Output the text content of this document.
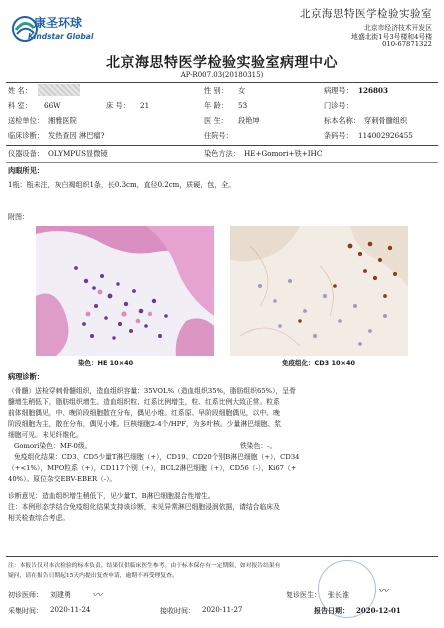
康圣环球
Kindstar Global
北京海思特医学检验实验室
北京市经济技术开发区
地盛北街1号3号楼和4号楼
010-67871322
北京海思特医学检验实验室病理中心
AP-R007.03(20180315)
姓 名：	性 别： 女	病理号： 126803
科 室： 66W	床 号： 21	年 龄： 53	门诊号：
送检单位： 湘雅医院	医 生： 段艳坤	标本名称： 穿刺骨髓组织
临床诊断： 发热查因 淋巴瘤?	住院号：	条码号： 114002926455
仪器设备： OLYMPUS显微镜	染色方法： HE+Gomori+铁+IHC
肉眼所见：
1瓶：瓶未注，灰白褐组织1条，长0.3cm，直径0.2cm，质硬，包，全。
附图：
染色：HE 10×40	免疫组化：CD3 10×40
病理诊断：

（骨髓）送检穿刺骨髓组织，造血组织容量：35VOL%（造血组织35%，脂肪组织65%），呈骨

髓增生稍低下，脂肪组织增生。造血组织粒、红系比例增生，粒、红系比例大致正常。粒系

前体细胞偶见，中、晚阶段细胞散在分布，偶见小堆。红系原、早阶段细胞偶见，以中、晚

阶段细胞为主，散在分布，偶见小堆。巨核细胞2-4个/HPF，为多叶核。少量淋巴细胞、浆

细胞可见。未见纤维化。

Gomori染色：MF-0级。	铁染色：-。

免疫组化结果：CD3、CD5少量T淋巴细胞（+），CD19、CD20个别B淋巴细胞（+），CD34

（+<1%），MPO粒系（+），CD117个别（+），BCL2淋巴细胞（+），CD56（-），Ki67（+

40%）。原位杂交EBV-EBER（-）。

诊断意见：造血组织增生稍低下，见少量T、B淋巴细胞混合性增生。

注：本例形态学结合免疫组化结果支持该诊断，未见异常淋巴细胞浸润依据，请结合临床及

相关检查综合考虑。

注：本报告仅对本次检验的标本负责。结果仅供临床医生参考。由于标本保存有一定期限，如对报告结果有
疑问，请在报告日期起15天内提出复查申请，逾期不再受理复查。
〰
初诊医师： 刘建勇 〰	复诊医生： 张长淮
采集时间： 2020-11-24	接收时间： 2020-11-27	报告日期： 2020-12-01
